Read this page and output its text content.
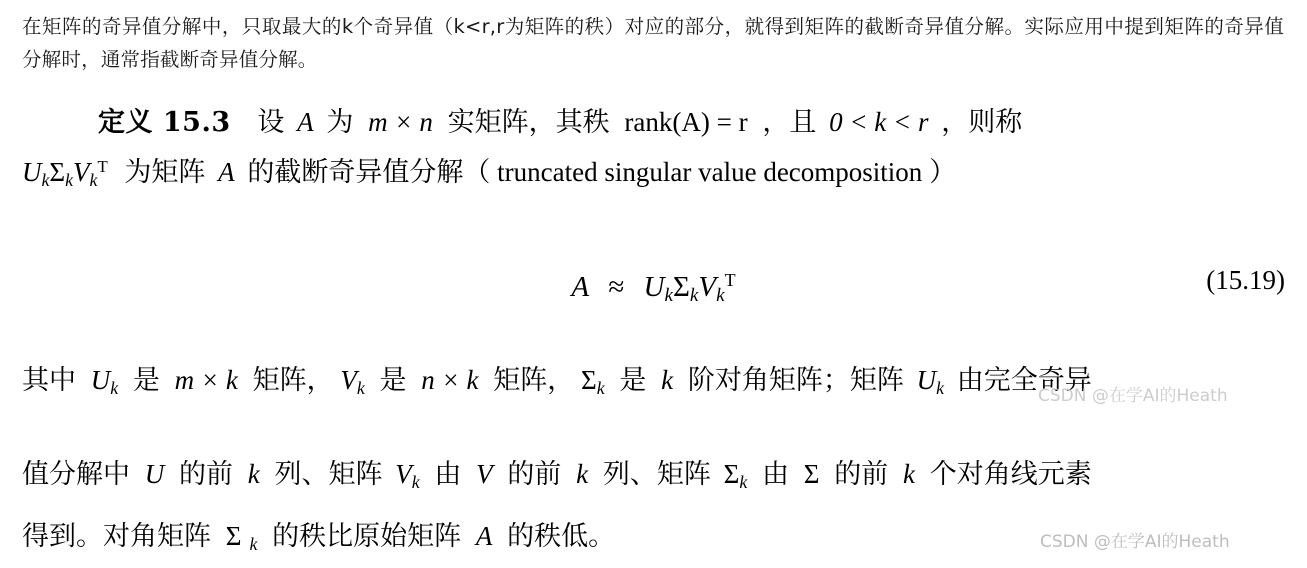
在矩阵的奇异值分解中，只取最大的k个奇异值（k<r,r为矩阵的秩）对应的部分，就得到矩阵的截断奇异值分解。实际应用中提到矩阵的奇异值分解时，通常指截断奇异值分解。
定义 15.3 设 A 为 m × n 实矩阵，其秩 rank(A) = r ，且 0 < k < r ，则称
$U_k\Sigma_kV_k^T$ 为矩阵 A 的截断奇异值分解（ truncated singular value decomposition ）
$A \approx U_k\Sigma_kV_k^T$	(15.19)
其中 $U_k$ 是 m × k 矩阵， $V_k$ 是 n × k 矩阵， $\Sigma_k$ 是 k 阶对角矩阵；矩阵 $U_k$ 由完全奇异
值分解中 U 的前 k 列、矩阵 $V_k$ 由 V 的前 k 列、矩阵 $\Sigma_k$ 由 Σ 的前 k 个对角线元素
得到。对角矩阵 Σ $_k$ 的秩比原始矩阵 A 的秩低。
CSDN @在学AI的Heath
CSDN @在学AI的Heath
